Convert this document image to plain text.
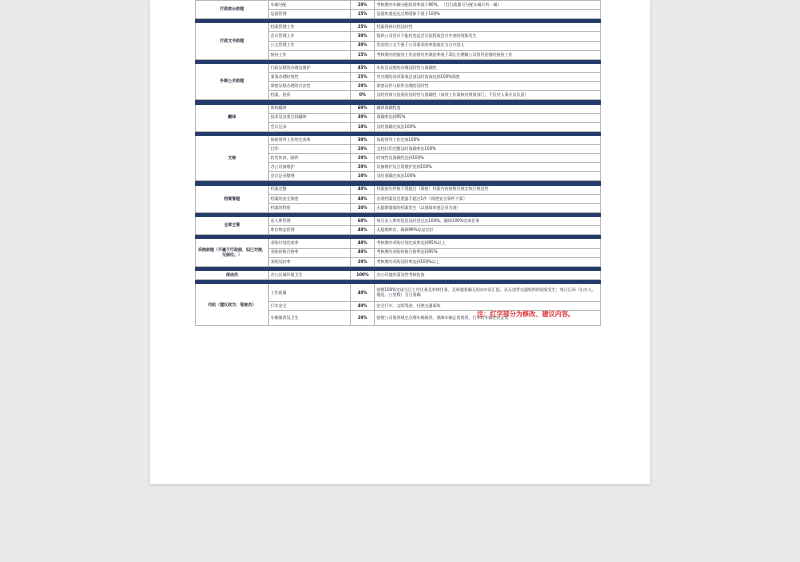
行政前台助理	车辆分配	20%	考核期内车辆分配投诉率低于80%，（目行政都可分配车辆只有一辆）
	信函管理	15%	信函快递送达过期现象不低于100%

行政文书助理	档案管理工作	25%	档案资料归档及时性
	会议管理工作	30%	组织公司会议不能有违反会议流程或会议中途的现象发生
	公文管理工作	30%	发布的公文不低于公司需求的审批或在当日内登入
	接待工作	15%	考核期内的接待工作安排有序满意率低于3次;应理解公司领导安排的接待工作

外联公关助理	行政证照的办理及维护	45%	年检及证照的办理及时性与准确性
	事务办理时效性	25%	对办理的各项事务总部及时查询达到100%保密
	保密证照办理的合法性	20%	保密证件与原件办理的及时性
	档案、投资	0%	及时有效与投资的及时性与准确性（该项工作需核对财务部门，不仅对人事专员负责）

翻译	资料翻译	60%	翻译准确程度
	技术及各类合同翻译	30%	准确率达到95%
	会议记录	10%	及时准确完成达100%

文秘	协助领导工作的完成率	30%	协助领导工作完成100%
	打印	20%	文档打印完整及时准确率达100%
	收发传真、邮件	20%	时效性及准确性达到100%
	办公设备维护	20%	设备维护及日常维护达到100%
	会议记录整理	10%	及时准确完成达100%

档案管理	档案完整	40%	档案损失件数不得超过（保密）档案内容按照其规定执行规范性
	档案的安全保密	40%	出现档案信息泄露不超过1件（保密安全事件不算）
	档案的利用	20%	无超期借阅的档案发生（以借阅审批记录为准）

仓库主管	出入库管理	60%	每日出入库的信息及时登记达100%，确保100%完成任务
	库存物品管理	40%	无超期库存，确保99%存品完好

采购助理（不属于行政部，但已对接，无部位。）	采购计划完成率	40%	考核期内采购计划完成率达到95%以上
	采购价格合格率	40%	考核期内采购价格合格率达到95%
	采购及时率	20%	考核期内采购及时率达到100%以上

保洁员	办公区域环境卫生	100%	办公环境的清洁性考核检查

司机（建议改为：驾驶员）	工作质量	40%	按照100%完成当日工作任务及审核任务，及时做准确无误向车队汇报，从无违背交通规则的现象发生；每日记录（出车人、地址、公里数）当日准确
	行车安全	40%	安全行车，文明驾驶，杜绝交通事故
	车辆保养及卫生	20%	按照公司保养规定办理车辆保养，保障车辆正常使用，行车时车辆完好正常
注：红字部分为修改、建议内容。
